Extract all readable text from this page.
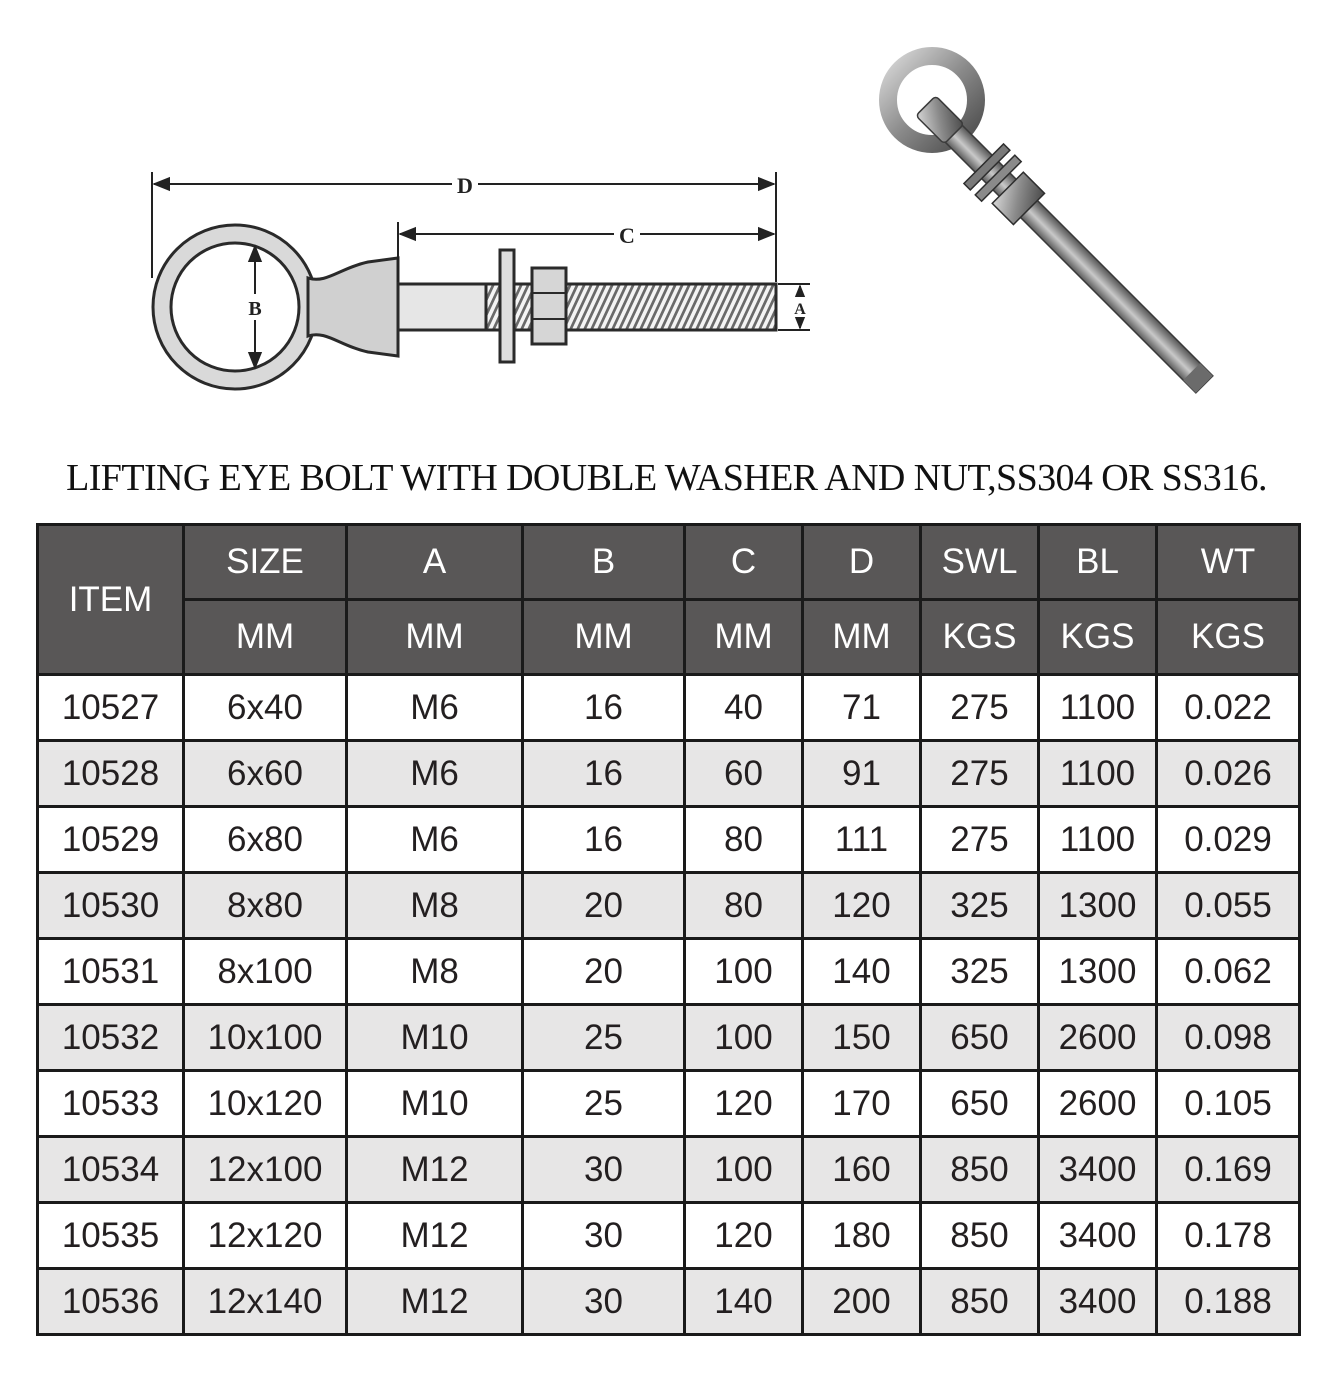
D
C
B	A
LIFTING EYE BOLT WITH DOUBLE WASHER AND NUT,SS304 OR SS316.
ITEM	SIZE	A	B	C	D	SWL	BL	WT
	MM	MM	MM	MM	MM	KGS	KGS	KGS
10527	6x40	M6	16	40	71	275	1100	0.022
10528	6x60	M6	16	60	91	275	1100	0.026
10529	6x80	M6	16	80	111	275	1100	0.029
10530	8x80	M8	20	80	120	325	1300	0.055
10531	8x100	M8	20	100	140	325	1300	0.062
10532	10x100	M10	25	100	150	650	2600	0.098
10533	10x120	M10	25	120	170	650	2600	0.105
10534	12x100	M12	30	100	160	850	3400	0.169
10535	12x120	M12	30	120	180	850	3400	0.178
10536	12x140	M12	30	140	200	850	3400	0.188
